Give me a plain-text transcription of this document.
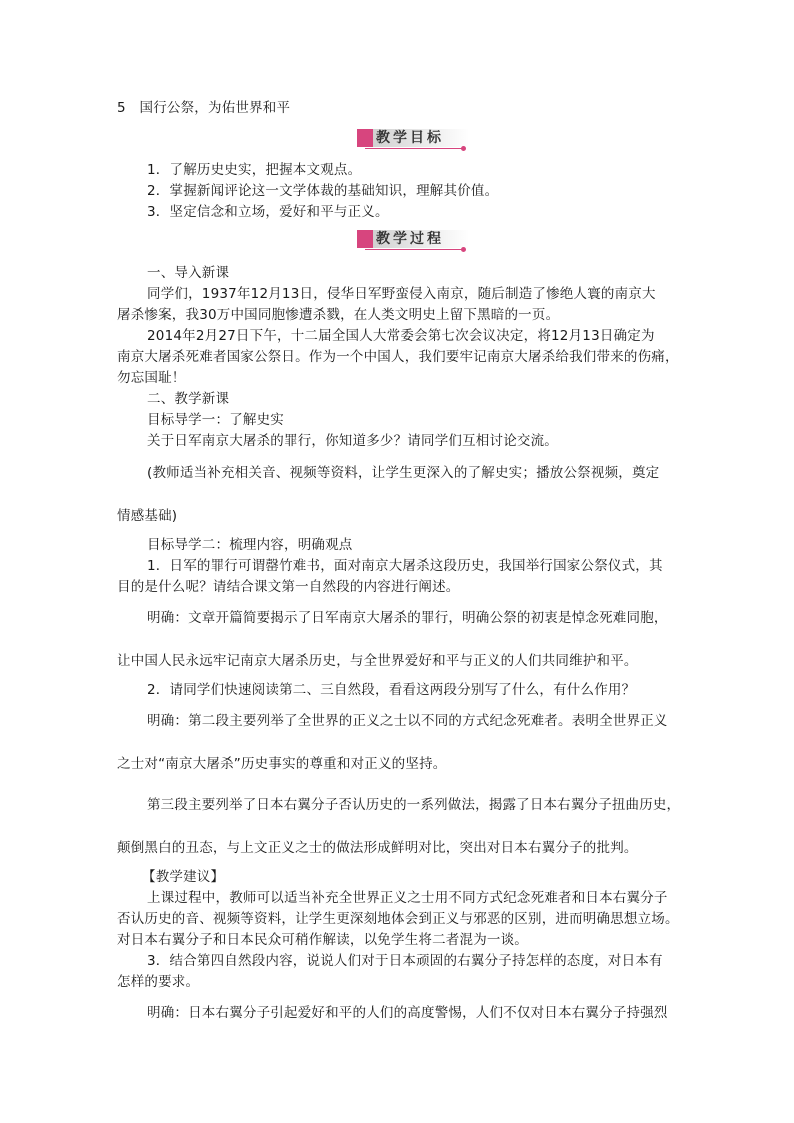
5　国行公祭，为佑世界和平
教学目标
1．了解历史史实，把握本文观点。
2．掌握新闻评论这一文学体裁的基础知识，理解其价值。
3．坚定信念和立场，爱好和平与正义。
教学过程
一、导入新课
同学们，1937年12月13日，侵华日军野蛮侵入南京，随后制造了惨绝人寰的南京大
屠杀惨案，我30万中国同胞惨遭杀戮，在人类文明史上留下黑暗的一页。
2014年2月27日下午，十二届全国人大常委会第七次会议决定，将12月13日确定为
南京大屠杀死难者国家公祭日。作为一个中国人，我们要牢记南京大屠杀给我们带来的伤痛，
勿忘国耻！
二、教学新课
目标导学一：了解史实
关于日军南京大屠杀的罪行，你知道多少？请同学们互相讨论交流。
(教师适当补充相关音、视频等资料，让学生更深入的了解史实；播放公祭视频，奠定
情感基础)
目标导学二：梳理内容，明确观点
1．日军的罪行可谓罄竹难书，面对南京大屠杀这段历史，我国举行国家公祭仪式，其
目的是什么呢？请结合课文第一自然段的内容进行阐述。
明确：文章开篇简要揭示了日军南京大屠杀的罪行，明确公祭的初衷是悼念死难同胞，
让中国人民永远牢记南京大屠杀历史，与全世界爱好和平与正义的人们共同维护和平。
2．请同学们快速阅读第二、三自然段，看看这两段分别写了什么，有什么作用？
明确：第二段主要列举了全世界的正义之士以不同的方式纪念死难者。表明全世界正义
之士对“南京大屠杀”历史事实的尊重和对正义的坚持。
第三段主要列举了日本右翼分子否认历史的一系列做法，揭露了日本右翼分子扭曲历史，
颠倒黑白的丑态，与上文正义之士的做法形成鲜明对比，突出对日本右翼分子的批判。
【教学建议】
上课过程中，教师可以适当补充全世界正义之士用不同方式纪念死难者和日本右翼分子
否认历史的音、视频等资料，让学生更深刻地体会到正义与邪恶的区别，进而明确思想立场。
对日本右翼分子和日本民众可稍作解读，以免学生将二者混为一谈。
3．结合第四自然段内容，说说人们对于日本顽固的右翼分子持怎样的态度，对日本有
怎样的要求。
明确：日本右翼分子引起爱好和平的人们的高度警惕，人们不仅对日本右翼分子持强烈
